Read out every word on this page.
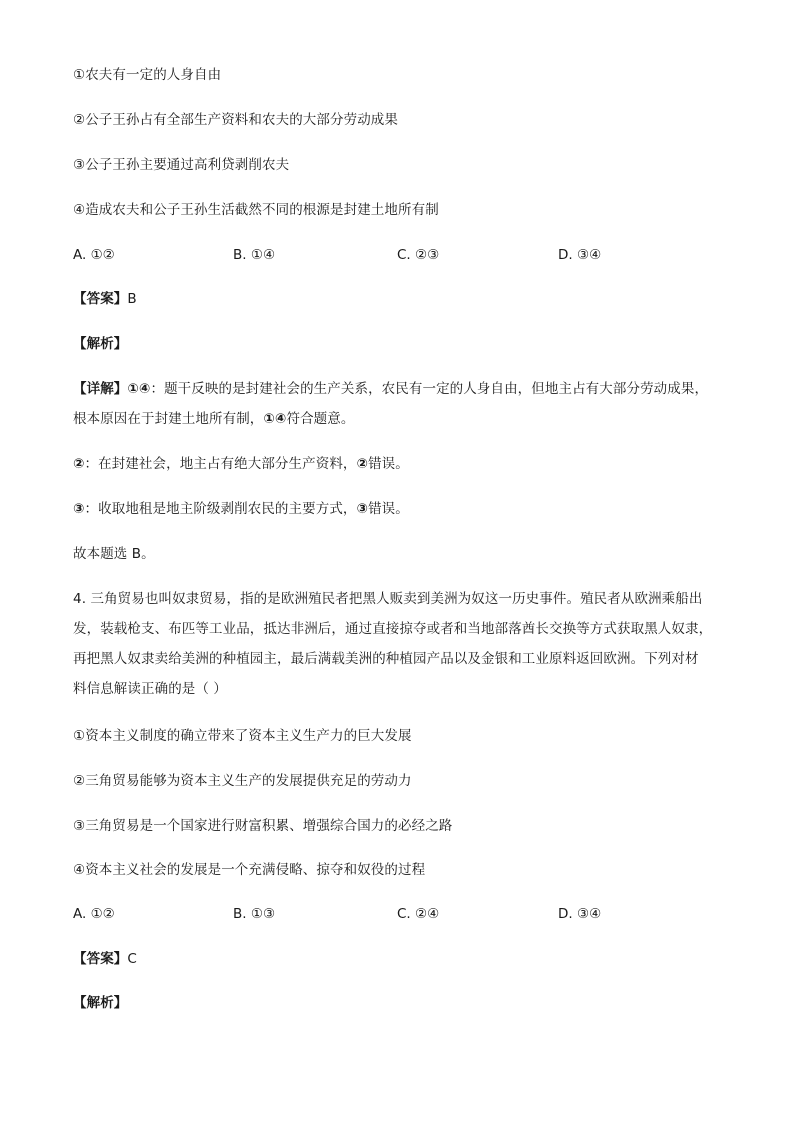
①农夫有一定的人身自由
②公子王孙占有全部生产资料和农夫的大部分劳动成果
③公子王孙主要通过高利贷剥削农夫
④造成农夫和公子王孙生活截然不同的根源是封建土地所有制
A. ①②	B. ①④	C. ②③	D. ③④
【答案】B
【解析】
【详解】①④：题干反映的是封建社会的生产关系，农民有一定的人身自由，但地主占有大部分劳动成果，
根本原因在于封建土地所有制，①④符合题意。
②：在封建社会，地主占有绝大部分生产资料，②错误。
③：收取地租是地主阶级剥削农民的主要方式，③错误。
故本题选 B。
4. 三角贸易也叫奴隶贸易，指的是欧洲殖民者把黑人贩卖到美洲为奴这一历史事件。殖民者从欧洲乘船出
发，装载枪支、布匹等工业品，抵达非洲后，通过直接掠夺或者和当地部落酋长交换等方式获取黑人奴隶，
再把黑人奴隶卖给美洲的种植园主，最后满载美洲的种植园产品以及金银和工业原料返回欧洲。下列对材
料信息解读正确的是（ ）
①资本主义制度的确立带来了资本主义生产力的巨大发展
②三角贸易能够为资本主义生产的发展提供充足的劳动力
③三角贸易是一个国家进行财富积累、增强综合国力的必经之路
④资本主义社会的发展是一个充满侵略、掠夺和奴役的过程
A. ①②	B. ①③	C. ②④	D. ③④
【答案】C
【解析】
